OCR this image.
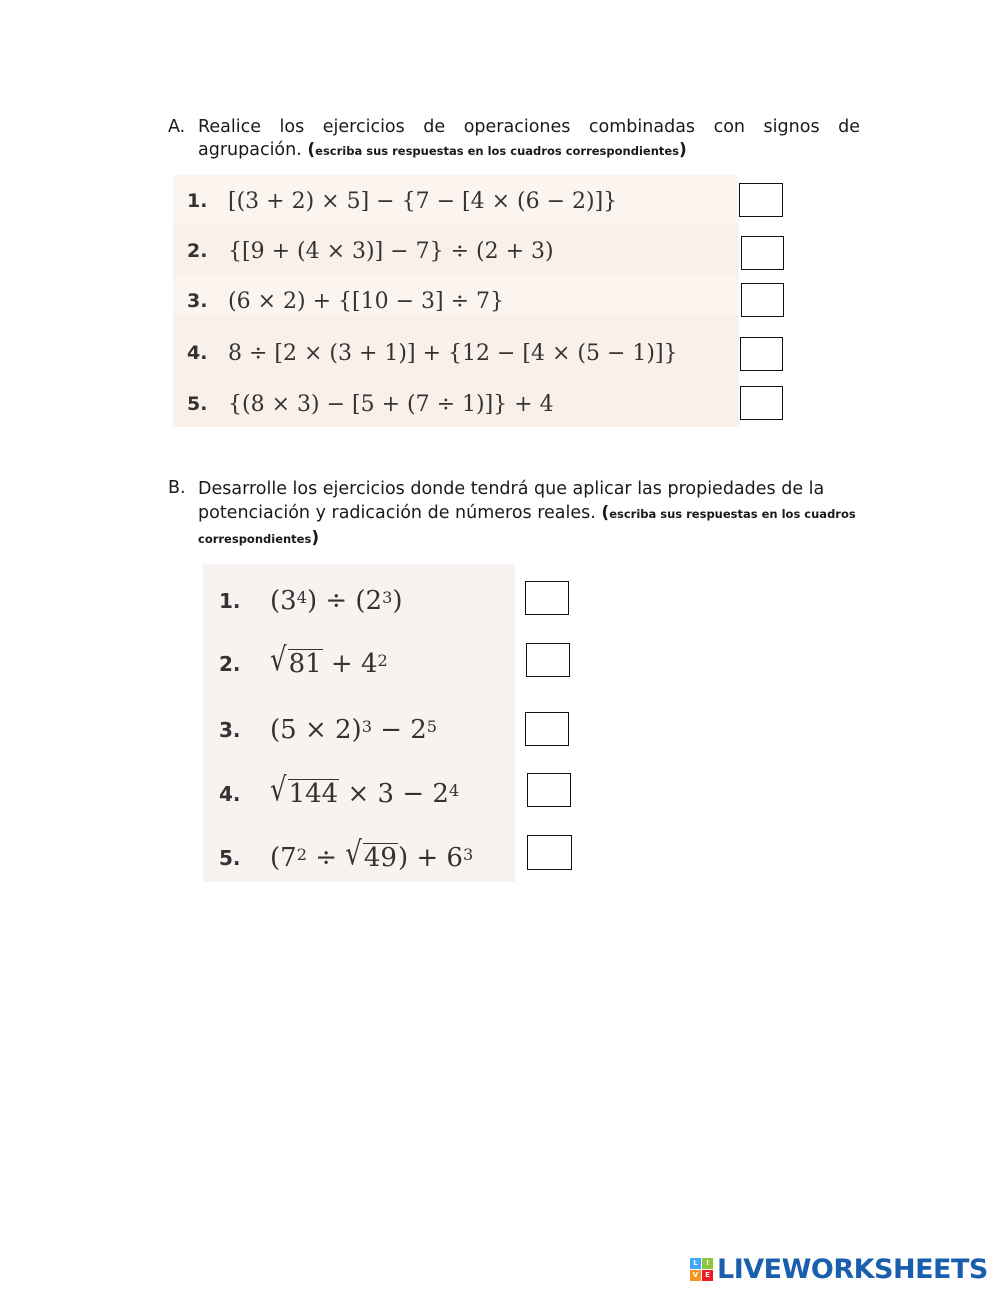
A. Realice los ejercicios de operaciones combinadas con signos de agrupación. (escriba sus respuestas en los cuadros correspondientes)
1. [(3 + 2) × 5] − {7 − [4 × (6 − 2)]}
2. {[9 + (4 × 3)] − 7} ÷ (2 + 3)
3. (6 × 2) + {[10 − 3] ÷ 7}
4. 8 ÷ [2 × (3 + 1)] + {12 − [4 × (5 − 1)]}
5. {(8 × 3) − [5 + (7 ÷ 1)]} + 4
B. Desarrolle los ejercicios donde tendrá que aplicar las propiedades de la potenciación y radicación de números reales. (escriba sus respuestas en los cuadros correspondientes)
1.	$(3^4) \div (2^3)$
2.	√ $81 + 4^2$
3.	$(5 \times 2)^3 - 2^5$
4.	√ $144 \times 3 - 2^4$
5.	($7^2$ ÷ √ 49 ) + $6^3$
L	I
V E LIVEWORKSHEETS
